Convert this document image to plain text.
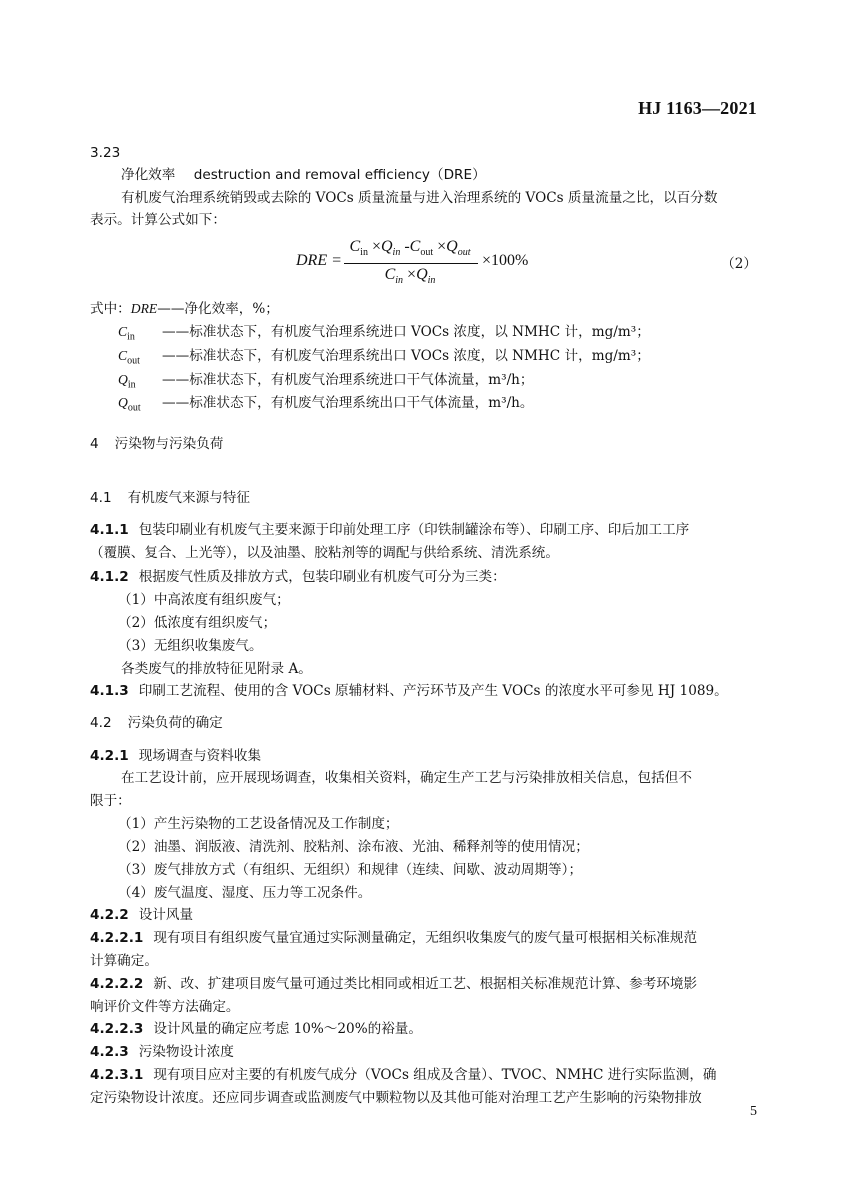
HJ 1163—2021
3.23
净化效率 destruction and removal efficiency（DRE）
有机废气治理系统销毁或去除的 VOCs 质量流量与进入治理系统的 VOCs 质量流量之比，以百分数
表示。计算公式如下：
DRE =
$C_{in} \times Q_{in}$ $-C_{out} \times Q_{out}$
$C_{in} \times Q_{in}$
×100%	（2）
式中：DRE——净化效率，%；
$C_{in}$ ——标准状态下，有机废气治理系统进口 VOCs 浓度，以 NMHC 计，mg/m³；
$C_{out}$ ——标准状态下，有机废气治理系统出口 VOCs 浓度，以 NMHC 计，mg/m³；
$Q_{in}$ ——标准状态下，有机废气治理系统进口干气体流量，m³/h；
$Q_{out}$ ——标准状态下，有机废气治理系统出口干气体流量，m³/h。
4 污染物与污染负荷
4.1 有机废气来源与特征
4.1.1 包装印刷业有机废气主要来源于印前处理工序（印铁制罐涂布等）、印刷工序、印后加工工序
（覆膜、复合、上光等），以及油墨、胶粘剂等的调配与供给系统、清洗系统。
4.1.2 根据废气性质及排放方式，包装印刷业有机废气可分为三类：
（1）中高浓度有组织废气；
（2）低浓度有组织废气；
（3）无组织收集废气。
各类废气的排放特征见附录 A。
4.1.3 印刷工艺流程、使用的含 VOCs 原辅材料、产污环节及产生 VOCs 的浓度水平可参见 HJ 1089。
4.2 污染负荷的确定
4.2.1 现场调查与资料收集
在工艺设计前，应开展现场调查，收集相关资料，确定生产工艺与污染排放相关信息，包括但不
限于：
（1）产生污染物的工艺设备情况及工作制度；
（2）油墨、润版液、清洗剂、胶粘剂、涂布液、光油、稀释剂等的使用情况；
（3）废气排放方式（有组织、无组织）和规律（连续、间歇、波动周期等）；
（4）废气温度、湿度、压力等工况条件。
4.2.2 设计风量
4.2.2.1 现有项目有组织废气量宜通过实际测量确定，无组织收集废气的废气量可根据相关标准规范
计算确定。
4.2.2.2 新、改、扩建项目废气量可通过类比相同或相近工艺、根据相关标准规范计算、参考环境影
响评价文件等方法确定。
4.2.2.3 设计风量的确定应考虑 10%～20%的裕量。
4.2.3 污染物设计浓度
4.2.3.1 现有项目应对主要的有机废气成分（VOCs 组成及含量）、TVOC、NMHC 进行实际监测，确
定污染物设计浓度。还应同步调查或监测废气中颗粒物以及其他可能对治理工艺产生影响的污染物排放
5
